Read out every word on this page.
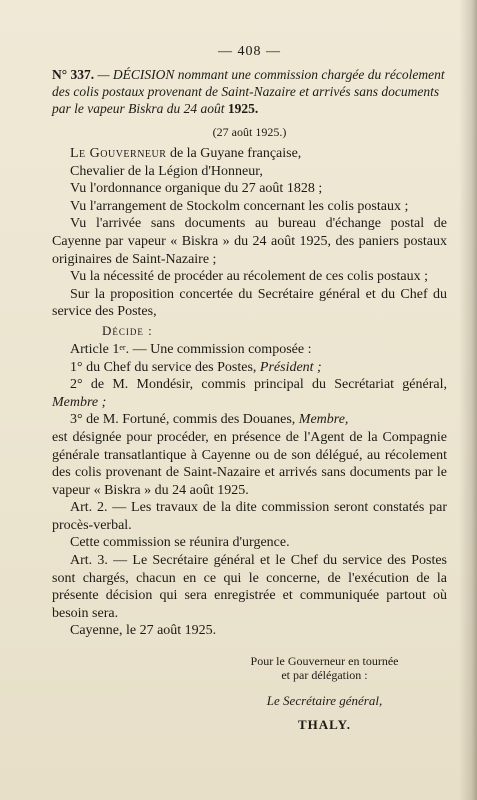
— 408 —
N° 337. — DÉCISION nommant une commission chargée du récolement des colis postaux provenant de Saint-Nazaire et arrivés sans documents par le vapeur Biskra du 24 août 1925.
(27 août 1925.)

Le Gouverneur de la Guyane française,

Chevalier de la Légion d'Honneur,

Vu l'ordonnance organique du 27 août 1828 ;

Vu l'arrangement de Stockolm concernant les colis postaux ;

Vu l'arrivée sans documents au bureau d'échange postal de Cayenne par vapeur « Biskra » du 24 août 1925, des paniers postaux originaires de Saint-Nazaire ;

Vu la nécessité de procéder au récolement de ces colis postaux ;

Sur la proposition concertée du Secrétaire général et du Chef du service des Postes,

Décide :

Article 1er. — Une commission composée :

1° du Chef du service des Postes, Président ;

2° de M. Mondésir, commis principal du Secrétariat général, Membre ;

3° de M. Fortuné, commis des Douanes, Membre,

est désignée pour procéder, en présence de l'Agent de la Compagnie générale transatlantique à Cayenne ou de son délégué, au récolement des colis provenant de Saint-Nazaire et arrivés sans documents par le vapeur « Biskra » du 24 août 1925.

Art. 2. — Les travaux de la dite commission seront constatés par procès-verbal.

Cette commission se réunira d'urgence.

Art. 3. — Le Secrétaire général et le Chef du service des Postes sont chargés, chacun en ce qui le concerne, de l'exécution de la présente décision qui sera enregistrée et communiquée partout où besoin sera.

Cayenne, le 27 août 1925.

Pour le Gouverneur en tournée
et par délégation :
Le Secrétaire général,
THALY.
